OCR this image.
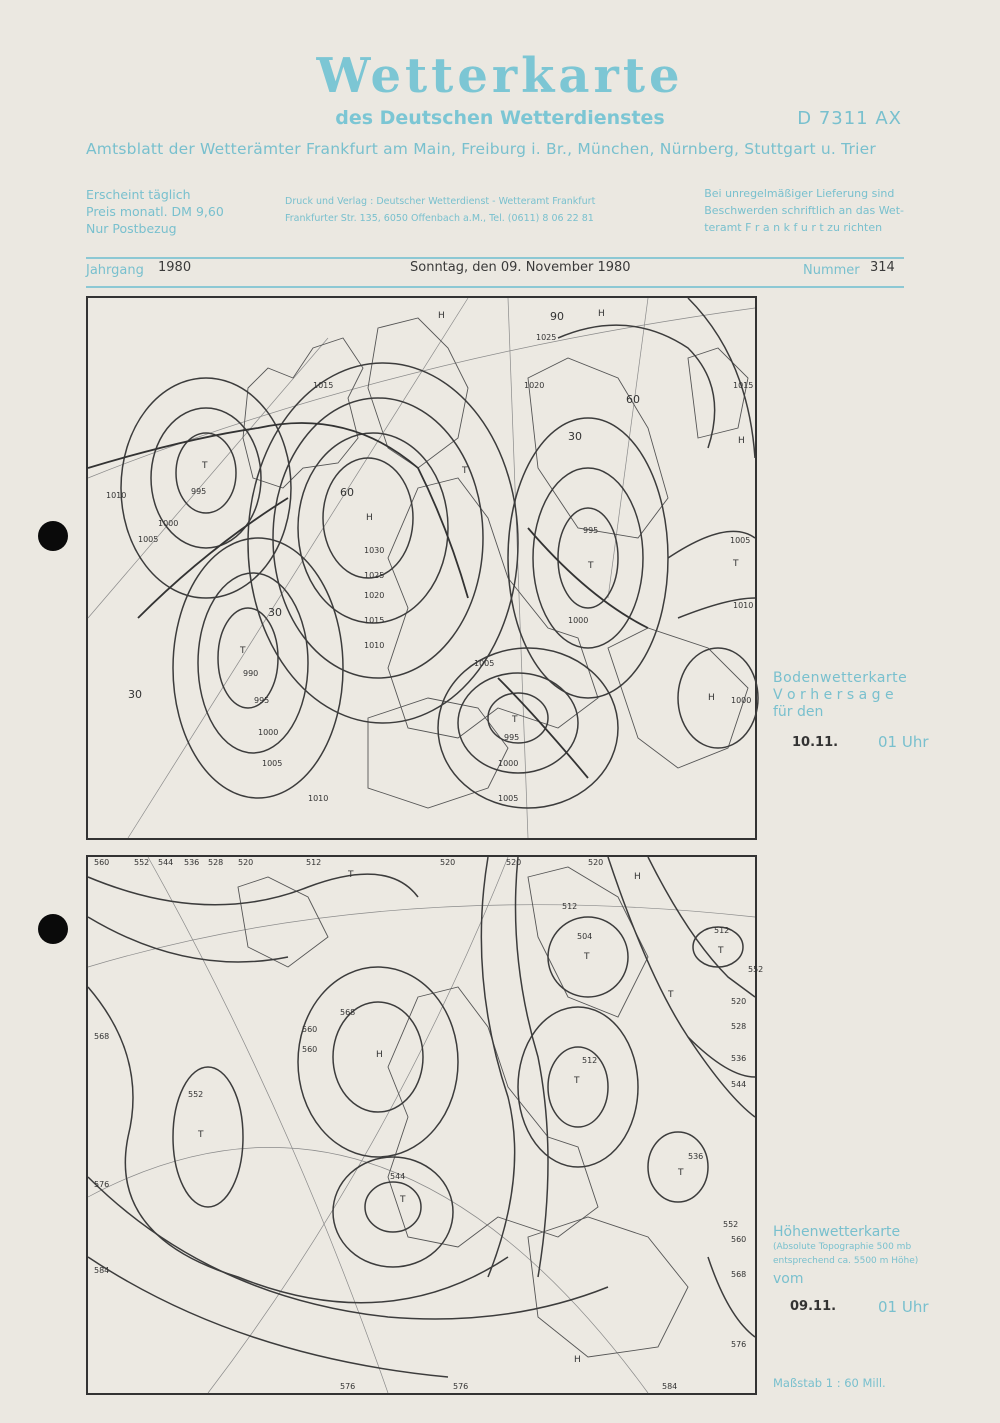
Wetterkarte
des Deutschen Wetterdienstes	D 7311 AX
Amtsblatt der Wetterämter Frankfurt am Main, Freiburg i. Br., München, Nürnberg, Stuttgart u. Trier
Erscheint täglich
Preis monatl. DM 9,60
Nur Postbezug
Druck und Verlag : Deutscher Wetterdienst - Wetteramt Frankfurt
Frankfurter Str. 135, 6050 Offenbach a.M., Tel. (0611) 8 06 22 81
Bei unregelmäßiger Lieferung sind
Beschwerden schriftlich an das Wet-
teramt F r a n k f u r t zu richten
Jahrgang 1980	Sonntag, den 09. November 1980	Nummer 314
1010
1015	1020
1025
1030
995
1000
1005
990
995
1000
1005
1010
1005
1000
995
1015
1010
1005
1020
1025
1015
1010
1005
1000
995
1000
30
30
60
30
90
60
T
T
T
H
T
T
H
H
H
T
H
Bodenwetterkarte
V o r h e r s a g e
für den
10.11.	01 Uhr
560	552 544 536 528 520	512	520	520	520
512
504
512
520
528
536
544
552
560
568
576
584
576	576
584
568
560
552
544
536
576
568
560
552
512
T
H
T
T
T
T
H
T
H
T
T
Höhenwetterkarte
(Absolute Topographie 500 mb
entsprechend ca. 5500 m Höhe)
vom
09.11.	01 Uhr
Maßstab 1 : 60 Mill.
